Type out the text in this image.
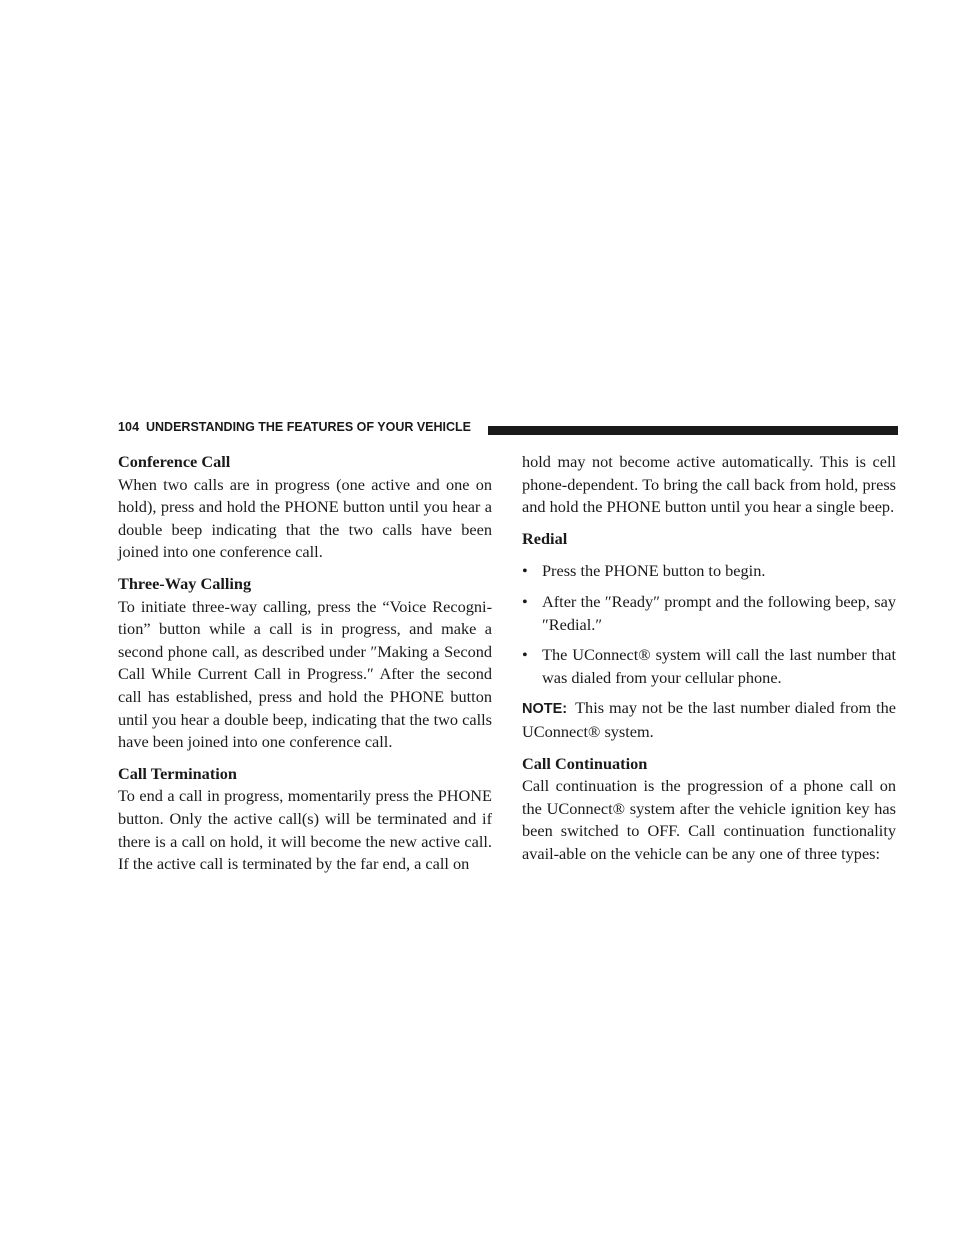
104 UNDERSTANDING THE FEATURES OF YOUR VEHICLE
Conference Call

When two calls are in progress (one active and one on hold), press and hold the PHONE button until you hear a double beep indicating that the two calls have been joined into one conference call.

Three-Way Calling

To initiate three-way calling, press the “Voice Recogni-tion” button while a call is in progress, and make a second phone call, as described under ″Making a Second Call While Current Call in Progress.″ After the second call has established, press and hold the PHONE button until you hear a double beep, indicating that the two calls have been joined into one conference call.

Call Termination

To end a call in progress, momentarily press the PHONE button. Only the active call(s) will be terminated and if there is a call on hold, it will become the new active call. If the active call is terminated by the far end, a call on

hold may not become active automatically. This is cell phone-dependent. To bring the call back from hold, press and hold the PHONE button until you hear a single beep.

Redial
• Press the PHONE button to begin.
• After the ″Ready″ prompt and the following beep, say ″Redial.″
• The UConnect® system will call the last number that was dialed from your cellular phone.

NOTE: This may not be the last number dialed from the UConnect® system.

Call Continuation

Call continuation is the progression of a phone call on the UConnect® system after the vehicle ignition key has been switched to OFF. Call continuation functionality avail-able on the vehicle can be any one of three types:
